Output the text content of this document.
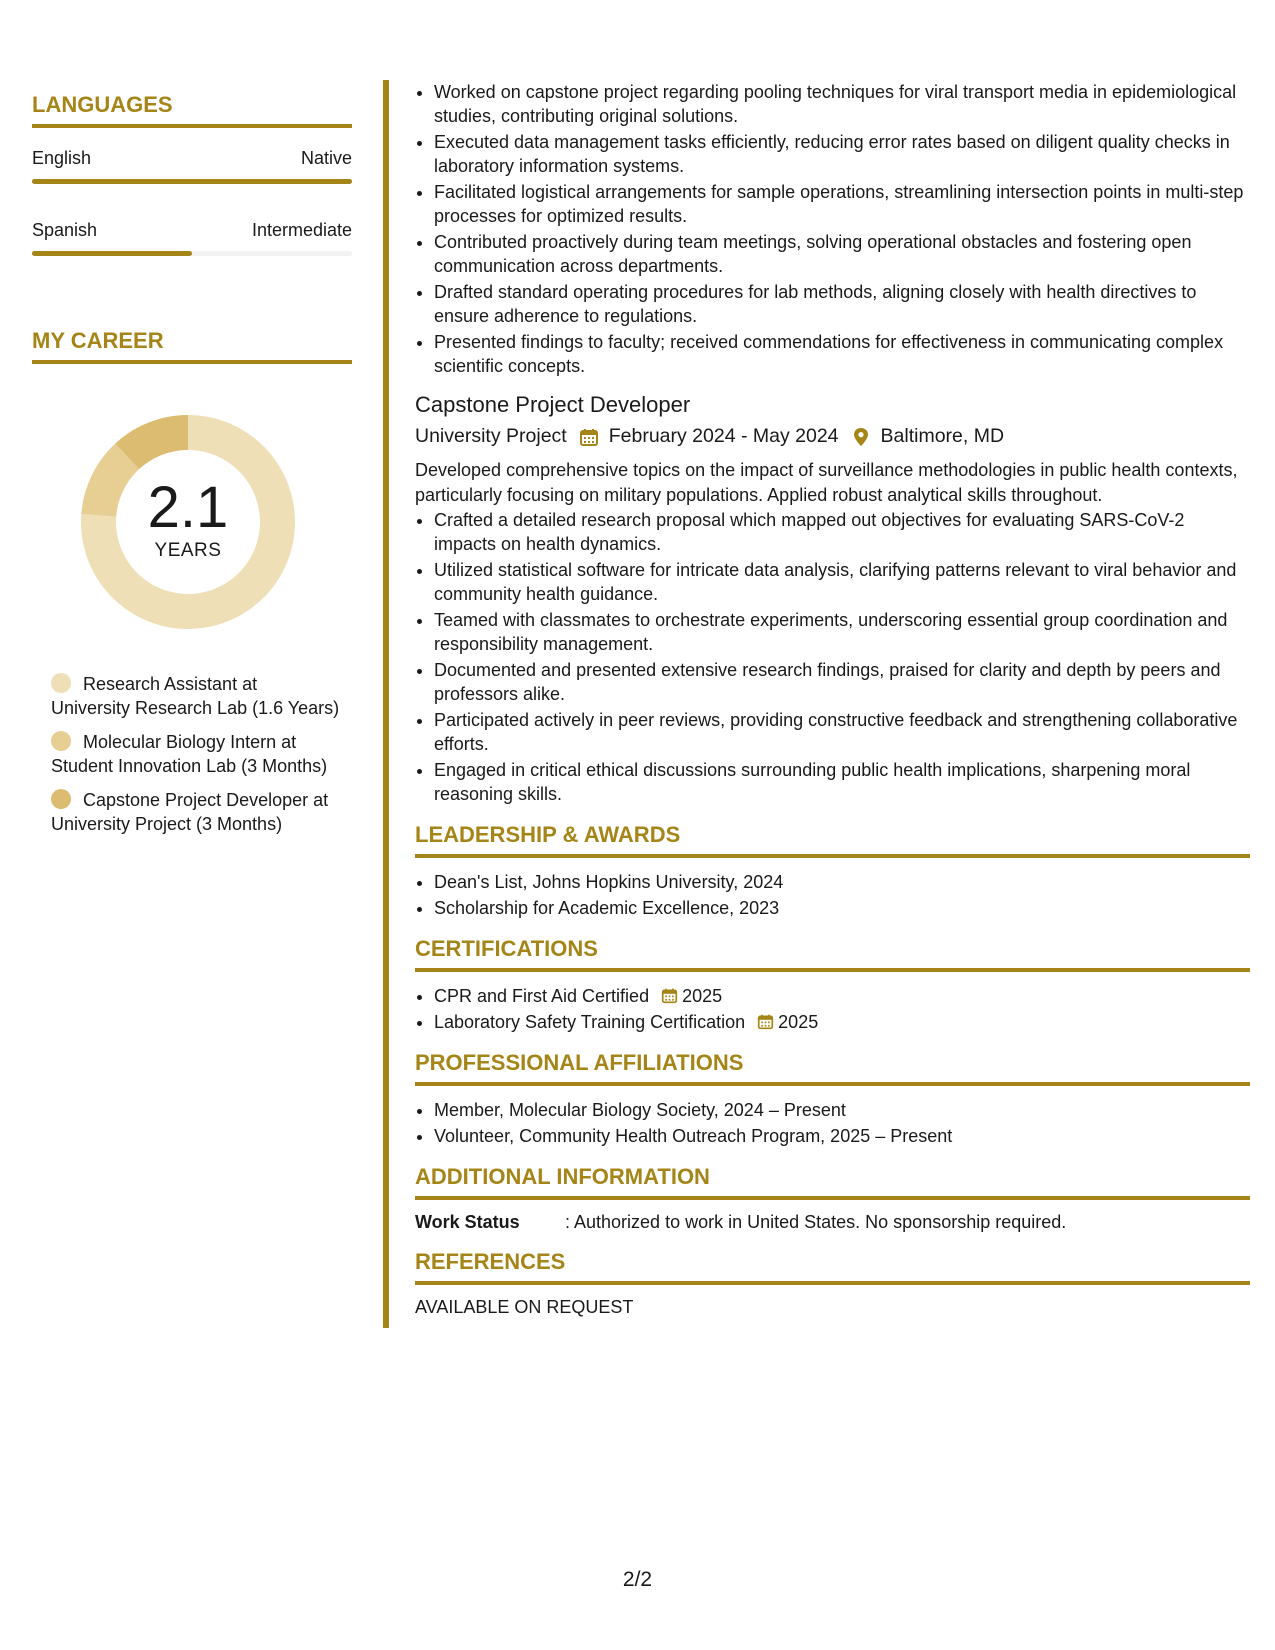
LANGUAGES
English	Native
Spanish	Intermediate
MY CAREER
2.1
YEARS
Research Assistant at University Research Lab (1.6 Years)
Molecular Biology Intern at Student Innovation Lab (3 Months)
Capstone Project Developer at University Project (3 Months)
• Worked on capstone project regarding pooling techniques for viral transport media in epidemiological studies, contributing original solutions.
• Executed data management tasks efficiently, reducing error rates based on diligent quality checks in laboratory information systems.
• Facilitated logistical arrangements for sample operations, streamlining intersection points in multi-step processes for optimized results.
• Contributed proactively during team meetings, solving operational obstacles and fostering open communication across departments.
• Drafted standard operating procedures for lab methods, aligning closely with health directives to ensure adherence to regulations.
• Presented findings to faculty; received commendations for effectiveness in communicating complex scientific concepts.
Capstone Project Developer
University Project February 2024 - May 2024 Baltimore, MD
Developed comprehensive topics on the impact of surveillance methodologies in public health contexts, particularly focusing on military populations. Applied robust analytical skills throughout.
• Crafted a detailed research proposal which mapped out objectives for evaluating SARS-CoV-2 impacts on health dynamics.
• Utilized statistical software for intricate data analysis, clarifying patterns relevant to viral behavior and community health guidance.
• Teamed with classmates to orchestrate experiments, underscoring essential group coordination and responsibility management.
• Documented and presented extensive research findings, praised for clarity and depth by peers and professors alike.
• Participated actively in peer reviews, providing constructive feedback and strengthening collaborative efforts.
• Engaged in critical ethical discussions surrounding public health implications, sharpening moral reasoning skills.
LEADERSHIP & AWARDS
• Dean's List, Johns Hopkins University, 2024
• Scholarship for Academic Excellence, 2023
CERTIFICATIONS
• CPR and First Aid Certified 2025
• Laboratory Safety Training Certification 2025
PROFESSIONAL AFFILIATIONS
• Member, Molecular Biology Society, 2024 – Present
• Volunteer, Community Health Outreach Program, 2025 – Present
ADDITIONAL INFORMATION
Work Status	: Authorized to work in United States. No sponsorship required.
REFERENCES
AVAILABLE ON REQUEST
2/2
